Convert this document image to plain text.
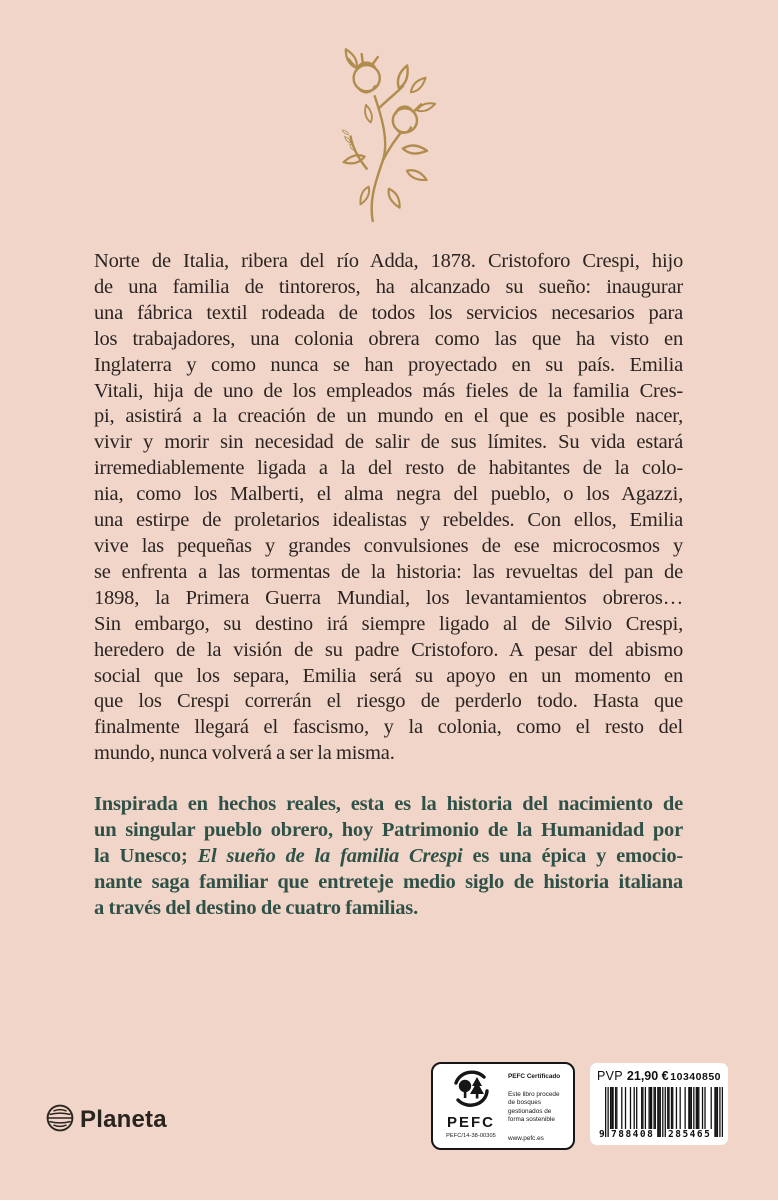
Norte de Italia, ribera del río Adda, 1878. Cristoforo Crespi, hijo
de una familia de tintoreros, ha alcanzado su sueño: inaugurar
una fábrica textil rodeada de todos los servicios necesarios para
los trabajadores, una colonia obrera como las que ha visto en
Inglaterra y como nunca se han proyectado en su país. Emilia
Vitali, hija de uno de los empleados más fieles de la familia Cres-
pi, asistirá a la creación de un mundo en el que es posible nacer,
vivir y morir sin necesidad de salir de sus límites. Su vida estará
irremediablemente ligada a la del resto de habitantes de la colo-
nia, como los Malberti, el alma negra del pueblo, o los Agazzi,
una estirpe de proletarios idealistas y rebeldes. Con ellos, Emilia
vive las pequeñas y grandes convulsiones de ese microcosmos y
se enfrenta a las tormentas de la historia: las revueltas del pan de
1898, la Primera Guerra Mundial, los levantamientos obreros…
Sin embargo, su destino irá siempre ligado al de Silvio Crespi,
heredero de la visión de su padre Cristoforo. A pesar del abismo
social que los separa, Emilia será su apoyo en un momento en
que los Crespi correrán el riesgo de perderlo todo. Hasta que
finalmente llegará el fascismo, y la colonia, como el resto del
mundo, nunca volverá a ser la misma.
Inspirada en hechos reales, esta es la historia del nacimiento de
un singular pueblo obrero, hoy Patrimonio de la Humanidad por
la Unesco; El sueño de la familia Crespi es una épica y emocio-
nante saga familiar que entreteje medio siglo de historia italiana
a través del destino de cuatro familias.
Planeta	PEFC
PEFC/14-38-00305
PEFC Certificado
Este libro procede de bosques gestionados de forma sostenible
www.pefc.es
PVP 21,90 € 10340850
9 788408 285465
